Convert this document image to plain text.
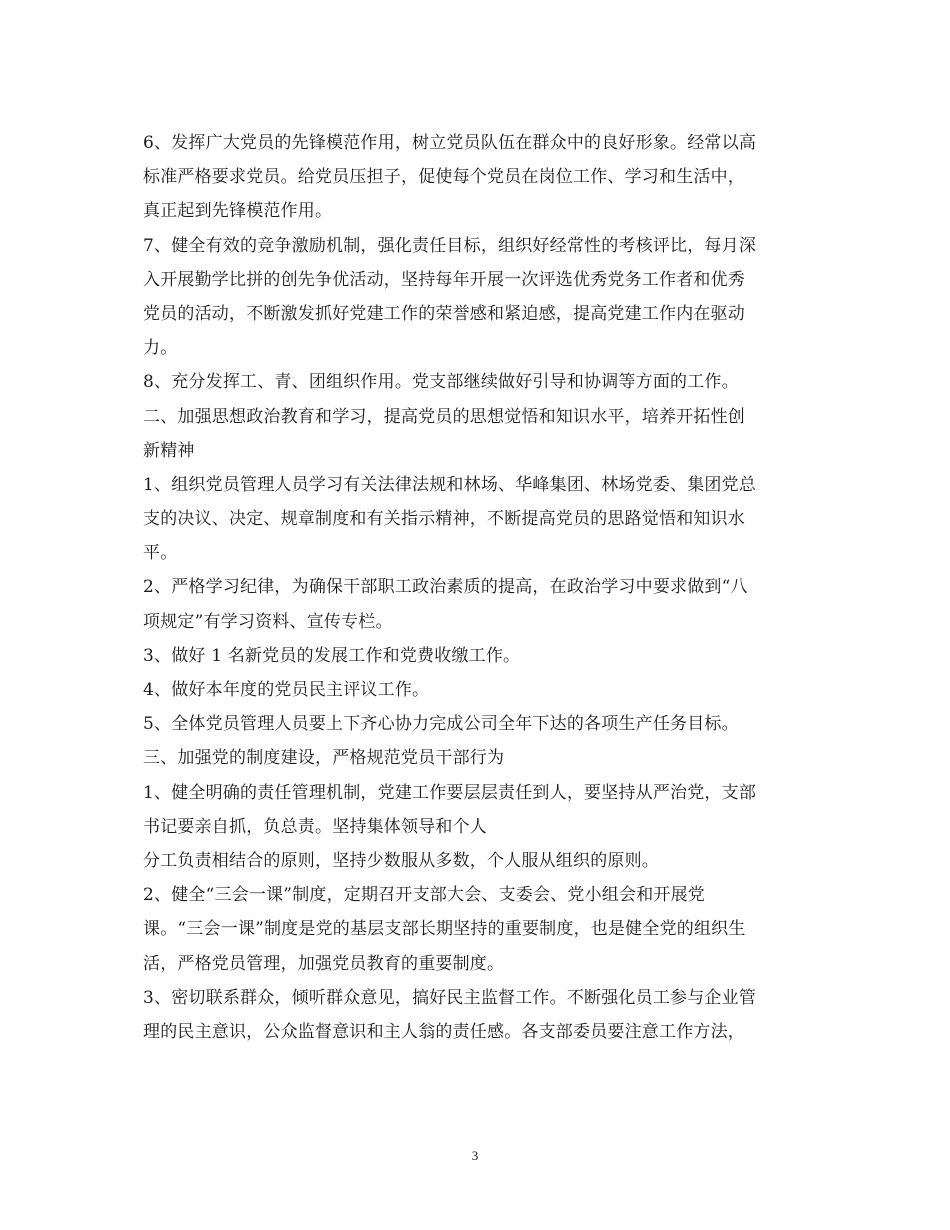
6、发挥广大党员的先锋模范作用，树立党员队伍在群众中的良好形象。经常以高
标准严格要求党员。给党员压担子，促使每个党员在岗位工作、学习和生活中，
真正起到先锋模范作用。
7、健全有效的竞争激励机制，强化责任目标，组织好经常性的考核评比，每月深
入开展勤学比拼的创先争优活动，坚持每年开展一次评选优秀党务工作者和优秀
党员的活动，不断激发抓好党建工作的荣誉感和紧迫感，提高党建工作内在驱动
力。
8、充分发挥工、青、团组织作用。党支部继续做好引导和协调等方面的工作。
二、加强思想政治教育和学习，提高党员的思想觉悟和知识水平，培养开拓性创
新精神
1、组织党员管理人员学习有关法律法规和林场、华峰集团、林场党委、集团党总
支的决议、决定、规章制度和有关指示精神，不断提高党员的思路觉悟和知识水
平。
2、严格学习纪律，为确保干部职工政治素质的提高，在政治学习中要求做到“八
项规定”有学习资料、宣传专栏。
3、做好 1 名新党员的发展工作和党费收缴工作。
4、做好本年度的党员民主评议工作。
5、全体党员管理人员要上下齐心协力完成公司全年下达的各项生产任务目标。
三、加强党的制度建设，严格规范党员干部行为
1、健全明确的责任管理机制，党建工作要层层责任到人，要坚持从严治党，支部
书记要亲自抓，负总责。坚持集体领导和个人
分工负责相结合的原则，坚持少数服从多数，个人服从组织的原则。
2、健全“三会一课”制度，定期召开支部大会、支委会、党小组会和开展党
课。“三会一课”制度是党的基层支部长期坚持的重要制度，也是健全党的组织生
活，严格党员管理，加强党员教育的重要制度。
3、密切联系群众，倾听群众意见，搞好民主监督工作。不断强化员工参与企业管
理的民主意识，公众监督意识和主人翁的责任感。各支部委员要注意工作方法，
3
